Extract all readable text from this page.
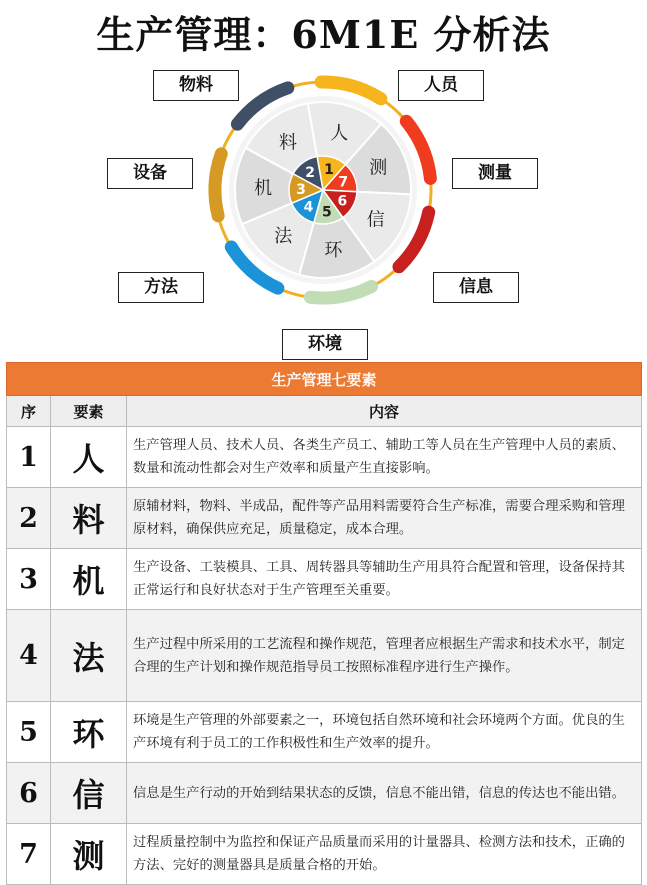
生产管理：6M1E 分析法
人
测
信
环
法
机
料
1
7
6
5
4
3
2
物料	人员
设备	测量
方法	信息
环境
生产管理七要素		
序	要素	内容
1	人	生产管理人员、技术人员、各类生产员工、辅助工等人员在生产管理中人员的素质、数量和流动性都会对生产效率和质量产生直接影响。
2	料	原辅材料，物料、半成品，配件等产品用料需要符合生产标准，需要合理采购和管理原材料，确保供应充足，质量稳定，成本合理。
3	机	生产设备、工装模具、工具、周转器具等辅助生产用具符合配置和管理，设备保持其正常运行和良好状态对于生产管理至关重要。
4	法	生产过程中所采用的工艺流程和操作规范，管理者应根据生产需求和技术水平，制定合理的生产计划和操作规范指导员工按照标准程序进行生产操作。
5	环	环境是生产管理的外部要素之一，环境包括自然环境和社会环境两个方面。优良的生产环境有利于员工的工作积极性和生产效率的提升。
6	信	信息是生产行动的开始到结果状态的反馈，信息不能出错，信息的传达也不能出错。
7	测	过程质量控制中为监控和保证产品质量而采用的计量器具、检测方法和技术，正确的方法、完好的测量器具是质量合格的开始。
